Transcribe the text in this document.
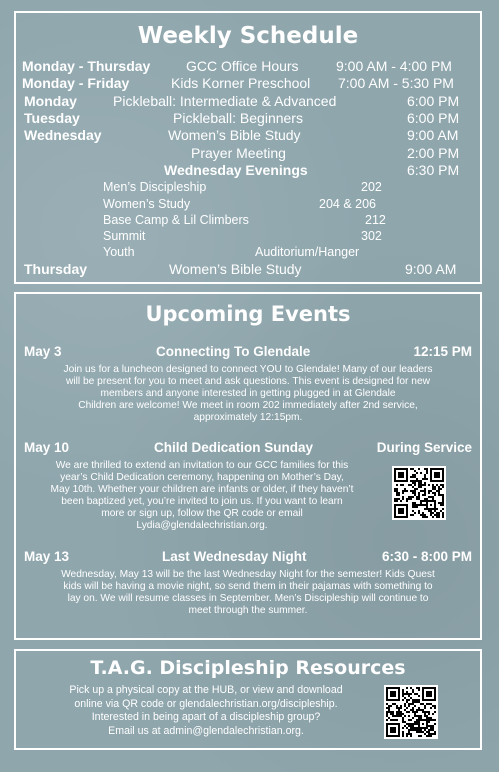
Weekly Schedule
Monday - Thursday	GCC Office Hours	9:00 AM - 4:00 PM
Monday - Friday	Kids Korner Preschool 7:00 AM - 5:30 PM
Monday	Pickleball: Intermediate & Advanced	6:00 PM
Tuesday	Pickleball: Beginners	6:00 PM
Wednesday	Women’s Bible Study	9:00 AM
Prayer Meeting	2:00 PM
Wednesday Evenings	6:30 PM
Men’s Discipleship	202
Women’s Study	204 & 206
Base Camp & Lil Climbers	212
Summit	302
Youth	Auditorium/Hanger
Thursday	Women’s Bible Study	9:00 AM
Upcoming Events
May 3	Connecting To Glendale	12:15 PM
Join us for a luncheon designed to connect YOU to Glendale! Many of our leaders
will be present for you to meet and ask questions. This event is designed for new
members and anyone interested in getting plugged in at Glendale
Children are welcome! We meet in room 202 immediately after 2nd service,
approximately 12:15pm.
May 10	Child Dedication Sunday	During Service
We are thrilled to extend an invitation to our GCC families for this
year’s Child Dedication ceremony, happening on Mother’s Day,
May 10th. Whether your children are infants or older, if they haven’t
been baptized yet, you’re invited to join us. If you want to learn
more or sign up, follow the QR code or email
Lydia@glendalechristian.org.
May 13	Last Wednesday Night	6:30 - 8:00 PM
Wednesday, May 13 will be the last Wednesday Night for the semester! Kids Quest
kids will be having a movie night, so send them in their pajamas with something to
lay on. We will resume classes in September. Men’s Discipleship will continue to
meet through the summer.
T.A.G. Discipleship Resources
Pick up a physical copy at the HUB, or view and download
online via QR code or glendalechristian.org/discipleship.
Interested in being apart of a discipleship group?
Email us at admin@glendalechristian.org.
